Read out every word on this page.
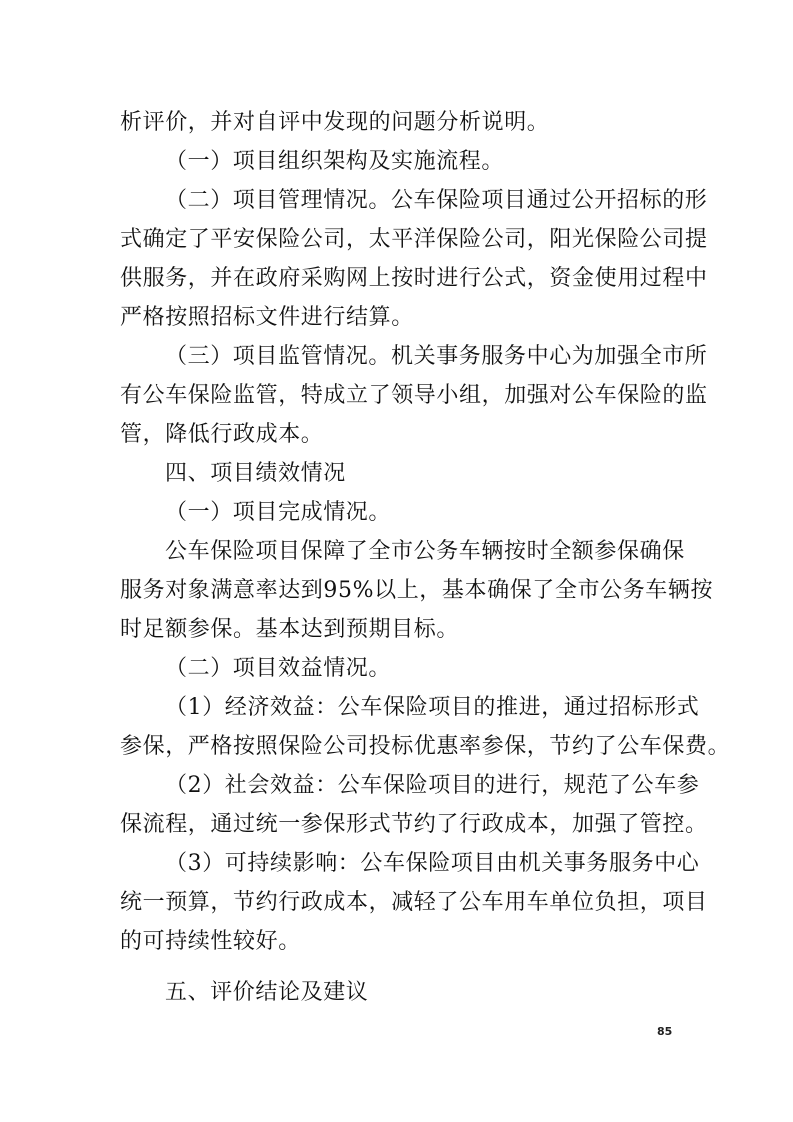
析评价，并对自评中发现的问题分析说明。
（一）项目组织架构及实施流程。
（二）项目管理情况。公车保险项目通过公开招标的形
式确定了平安保险公司，太平洋保险公司，阳光保险公司提
供服务，并在政府采购网上按时进行公式，资金使用过程中
严格按照招标文件进行结算。
（三）项目监管情况。机关事务服务中心为加强全市所
有公车保险监管，特成立了领导小组，加强对公车保险的监
管，降低行政成本。
四、项目绩效情况
（一）项目完成情况。
公车保险项目保障了全市公务车辆按时全额参保确保
服务对象满意率达到95%以上，基本确保了全市公务车辆按
时足额参保。基本达到预期目标。
（二）项目效益情况。
（1）经济效益：公车保险项目的推进，通过招标形式
参保，严格按照保险公司投标优惠率参保，节约了公车保费。
（2）社会效益：公车保险项目的进行，规范了公车参
保流程，通过统一参保形式节约了行政成本，加强了管控。
（3）可持续影响：公车保险项目由机关事务服务中心
统一预算，节约行政成本，减轻了公车用车单位负担，项目
的可持续性较好。
五、评价结论及建议
85
